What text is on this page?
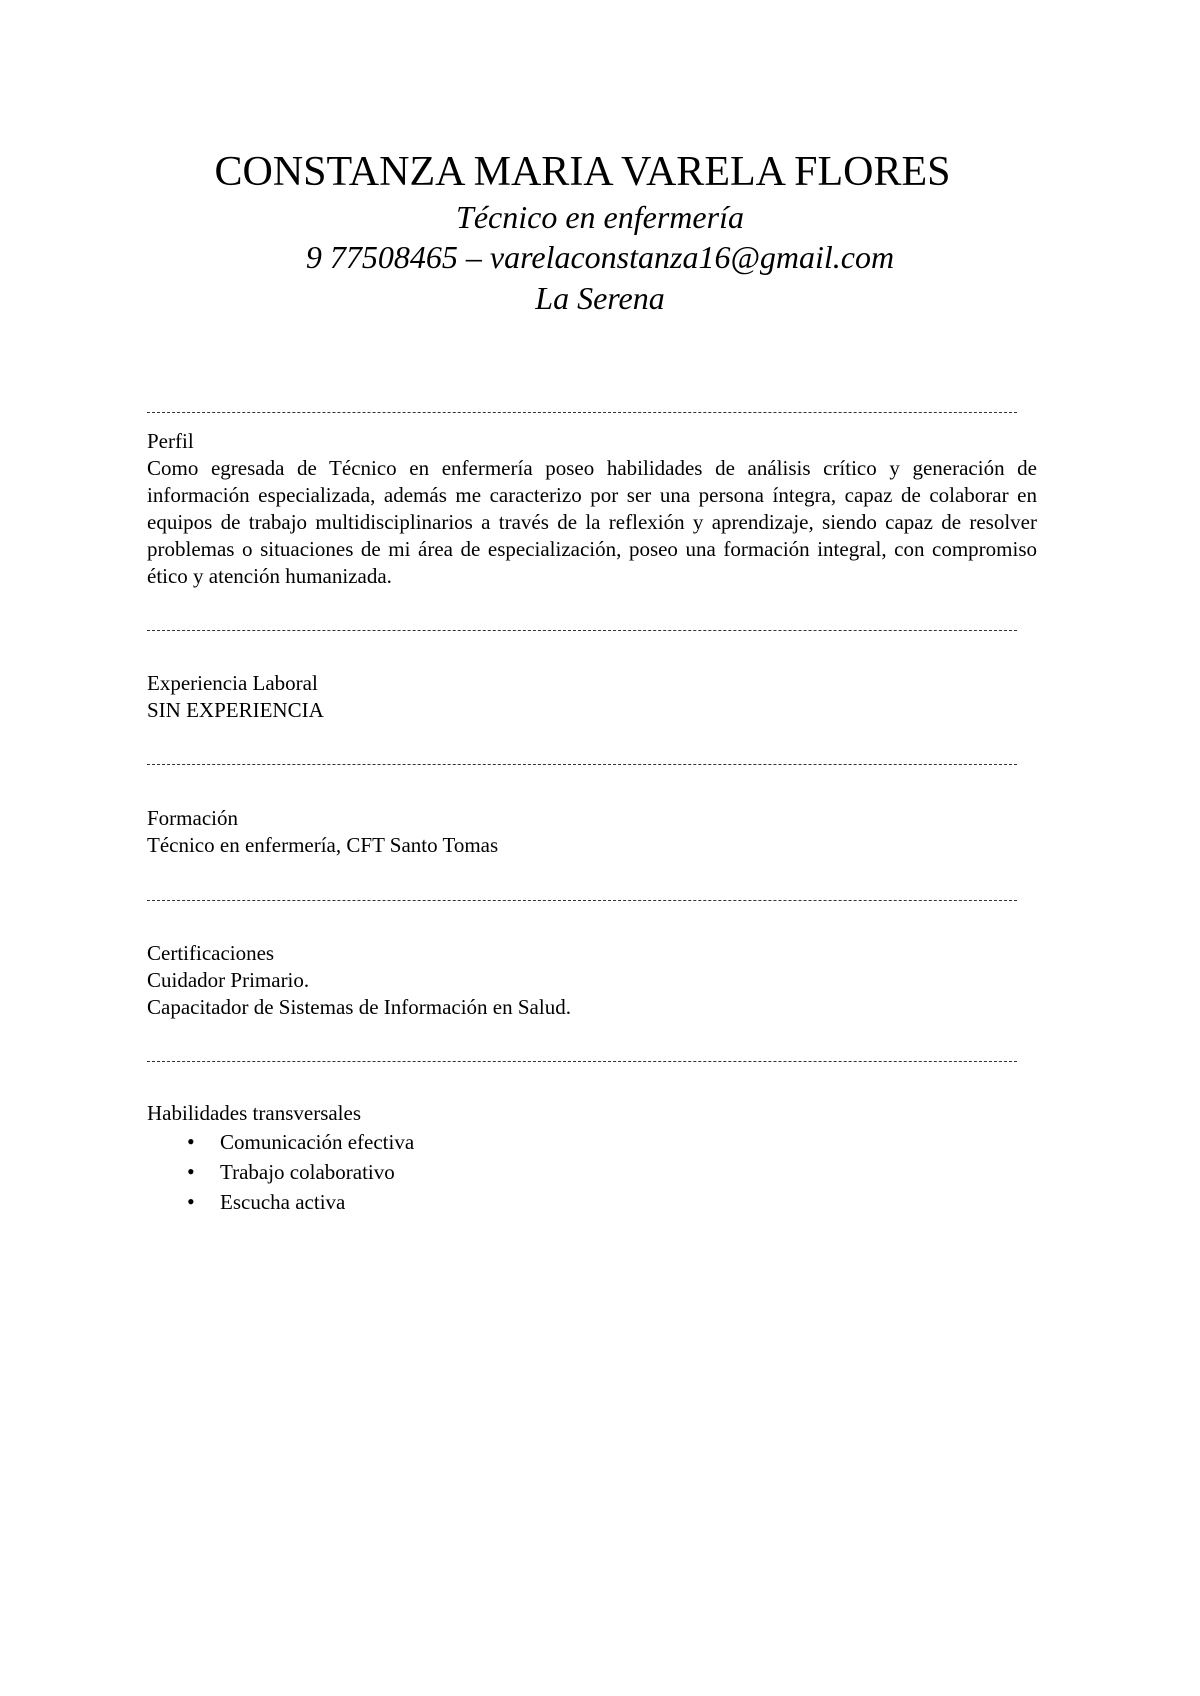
CONSTANZA MARIA VARELA FLORES
Técnico en enfermería
9 77508465 – varelaconstanza16@gmail.com
La Serena
Perfil
Como egresada de Técnico en enfermería poseo habilidades de análisis crítico y generación de información especializada, además me caracterizo por ser una persona íntegra, capaz de colaborar en equipos de trabajo multidisciplinarios a través de la reflexión y aprendizaje, siendo capaz de resolver problemas o situaciones de mi área de especialización, poseo una formación integral, con compromiso ético y atención humanizada.
Experiencia Laboral
SIN EXPERIENCIA
Formación
Técnico en enfermería, CFT Santo Tomas
Certificaciones
Cuidador Primario.
Capacitador de Sistemas de Información en Salud.
Habilidades transversales
• Comunicación efectiva
• Trabajo colaborativo
• Escucha activa
